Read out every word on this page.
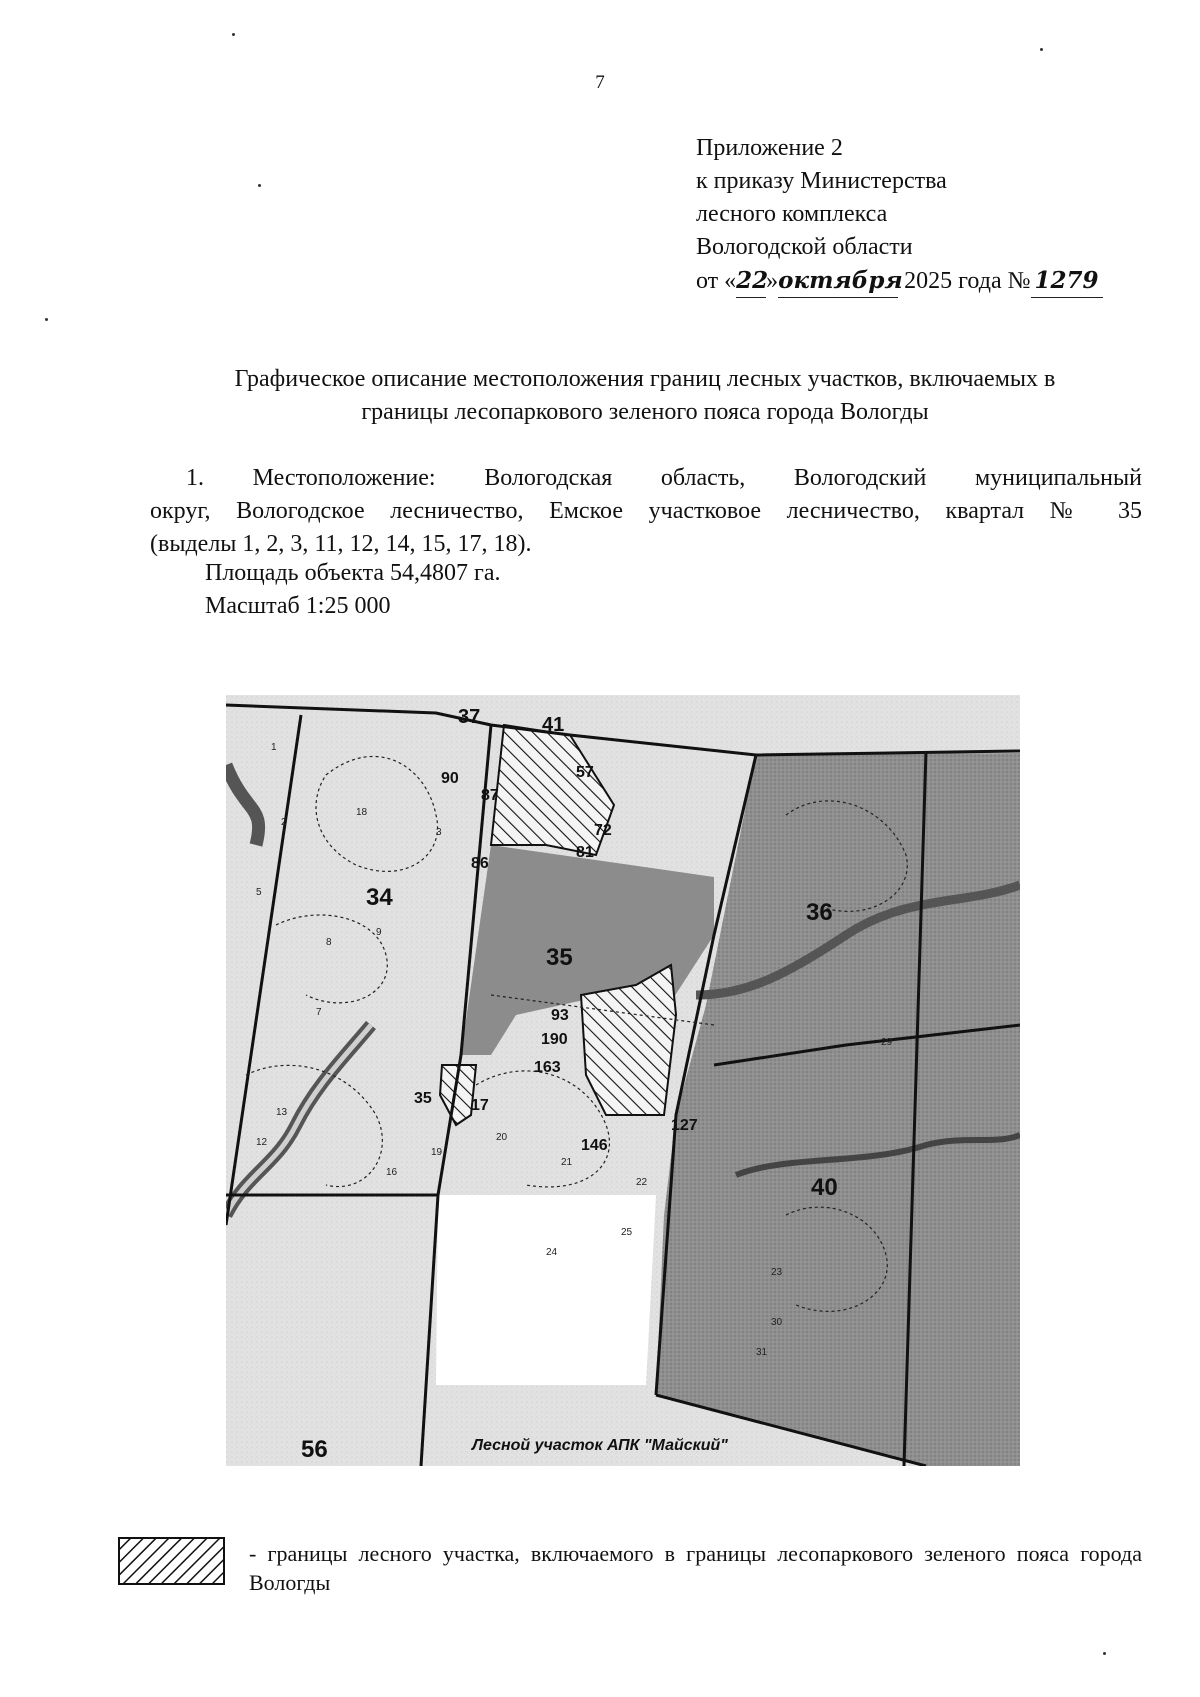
7
Приложение 2
к приказу Министерства
лесного комплекса
Вологодской области
от «22»октября 2025 года № 1279
Графическое описание местоположения границ лесных участков, включаемых в
границы лесопаркового зеленого пояса города Вологды
1. Местоположение: Вологодская область, Вологодский муниципальный
округ, Вологодское лесничество, Емское участковое лесничество, квартал № 35
(выделы 1, 2, 3, 11, 12, 14, 15, 17, 18).
Площадь объекта 54,4807 га.
Масштаб 1:25 000
34
35
36
40
56
37	41
90
87
57
72
81
86
93
190
163
146
127
17
35
1
2
3
5
7
8
9
12
13
16
18
19
20
21
22
23
24
25
29
30
31
Лесной участок АПК "Майский"
- границы лесного участка, включаемого в границы лесопаркового зеленого пояса города Вологды
